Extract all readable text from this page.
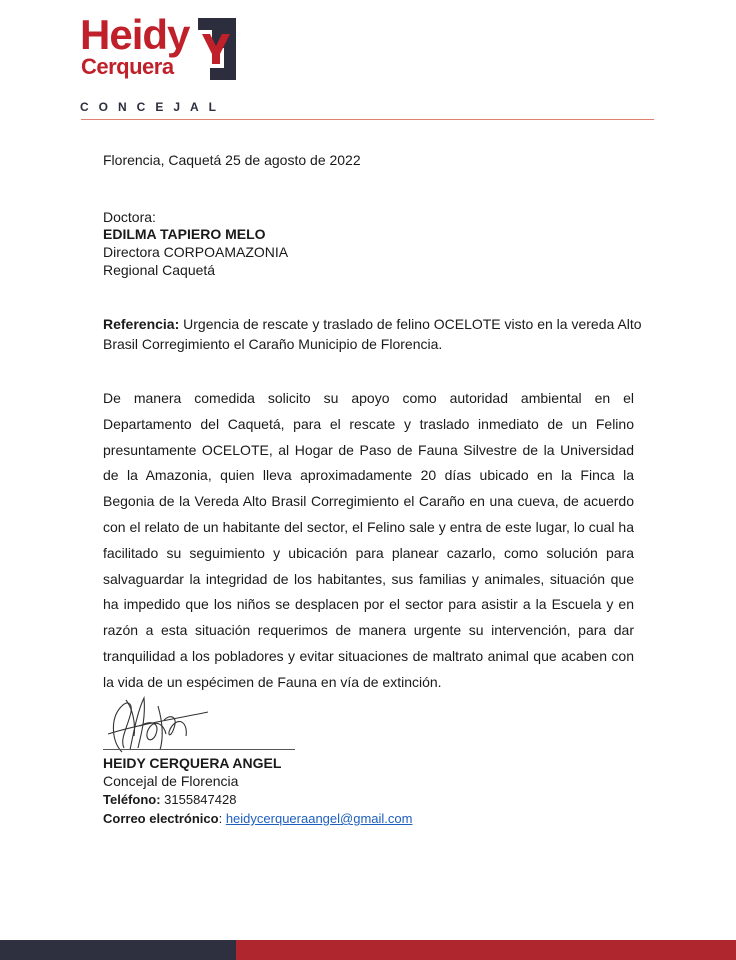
Heidy
Cerquera
CONCEJAL
Florencia, Caquetá 25 de agosto de 2022
Doctora:
EDILMA TAPIERO MELO
Directora CORPOAMAZONIA
Regional Caquetá

Referencia: Urgencia de rescate y traslado de felino OCELOTE visto en la vereda Alto Brasil Corregimiento el Caraño Municipio de Florencia.

De manera comedida solicito su apoyo como autoridad ambiental en el Departamento del Caquetá, para el rescate y traslado inmediato de un Felino presuntamente OCELOTE, al Hogar de Paso de Fauna Silvestre de la Universidad de la Amazonia, quien lleva aproximadamente 20 días ubicado en la Finca la Begonia de la Vereda Alto Brasil Corregimiento el Caraño en una cueva, de acuerdo con el relato de un habitante del sector, el Felino sale y entra de este lugar, lo cual ha facilitado su seguimiento y ubicación para planear cazarlo, como solución para salvaguardar la integridad de los habitantes, sus familias y animales, situación que ha impedido que los niños se desplacen por el sector para asistir a la Escuela y en razón a esta situación requerimos de manera urgente su intervención, para dar tranquilidad a los pobladores y evitar situaciones de maltrato animal que acaben con la vida de un espécimen de Fauna en vía de extinción.

HEIDY CERQUERA ANGEL
Concejal de Florencia
Teléfono: 3155847428
Correo electrónico: heidycerqueraangel@gmail.com
